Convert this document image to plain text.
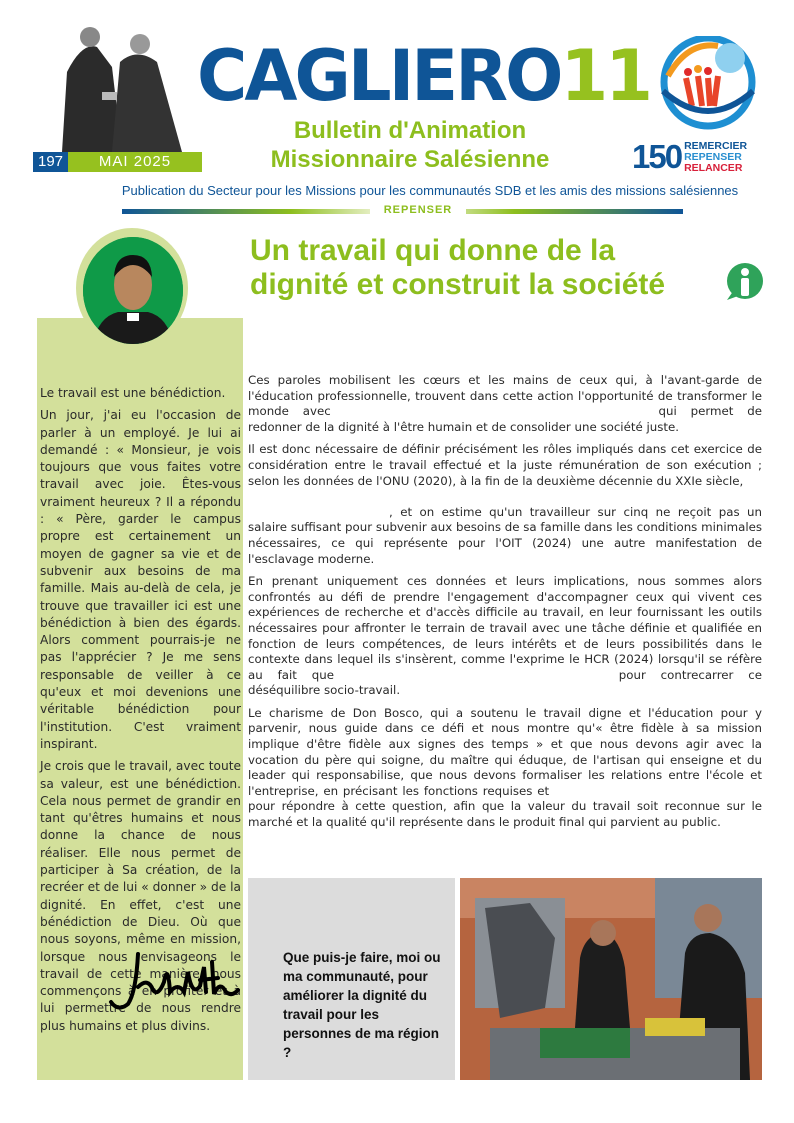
197	MAI 2025
CAGLIERO11
Bulletin d'Animation
Missionnaire Salésienne	150 REMERCIER
REPENSER
RELANCER
Publication du Secteur pour les Missions pour les communautés SDB et les amis des missions salésiennes
REPENSER

Le travail est une bénédiction.

Un jour, j'ai eu l'occasion de parler à un employé. Je lui ai demandé : « Monsieur, je vois toujours que vous faites votre travail avec joie. Êtes-vous vraiment heureux ? Il a répondu : « Père, garder le campus propre est certainement un moyen de gagner sa vie et de subvenir aux besoins de ma famille. Mais au-delà de cela, je trouve que travailler ici est une bénédiction à bien des égards. Alors comment pourrais-je ne pas l'apprécier ? Je me sens responsable de veiller à ce qu'eux et moi devenions une véritable bénédiction pour l'institution. C'est vraiment inspirant.

Je crois que le travail, avec toute sa valeur, est une bénédiction. Cela nous permet de grandir en tant qu'êtres humains et nous donne la chance de nous réaliser. Elle nous permet de participer à Sa création, de la recréer et de lui « donner » de la dignité. En effet, c'est une bénédiction de Dieu. Où que nous soyons, même en mission, lorsque nous envisageons le travail de cette manière, nous commençons à en profiter et à lui permettre de nous rendre plus humains et plus divins.

Un travail qui donne de la
dignité et construit la société

Ces paroles mobilisent les cœurs et les mains de ceux qui, à l'avant-garde de l'éducation professionnelle, trouvent dans cette action l'opportunité de transformer le monde avec	qui permet de redonner de la dignité à l'être humain et de consolider une société juste.

Il est donc nécessaire de définir précisément les rôles impliqués dans cet exercice de considération entre le travail effectué et la juste rémunération de son exécution ; selon les données de l'ONU (2020), à la fin de la deuxième décennie du XXIe siècle,
, et on estime qu'un travailleur sur cinq ne reçoit pas un salaire suffisant pour subvenir aux besoins de sa famille dans les conditions minimales nécessaires, ce qui représente pour l'OIT (2024) une autre manifestation de l'esclavage moderne.

En prenant uniquement ces données et leurs implications, nous sommes alors confrontés au défi de prendre l'engagement d'accompagner ceux qui vivent ces expériences de recherche et d'accès difficile au travail, en leur fournissant les outils nécessaires pour affronter le terrain de travail avec une tâche définie et qualifiée en fonction de leurs compétences, de leurs intérêts et de leurs possibilités dans le contexte dans lequel ils s'insèrent, comme l'exprime le HCR (2024) lorsqu'il se réfère au fait que	pour contrecarrer ce déséquilibre socio-travail.

Le charisme de Don Bosco, qui a soutenu le travail digne et l'éducation pour y parvenir, nous guide dans ce défi et nous montre qu'« être fidèle à sa mission implique d'être fidèle aux signes des temps » et que nous devons agir avec la vocation du père qui soigne, du maître qui éduque, de l'artisan qui enseigne et du leader qui responsabilise, que nous devons formaliser les relations entre l'école et l'entreprise, en précisant les fonctions requises et  pour répondre à cette question, afin que la valeur du travail soit reconnue sur le marché et la qualité qu'il représente dans le produit final qui parvient au public.

Que puis-je faire, moi ou ma communauté, pour améliorer la dignité du travail pour les personnes de ma région ?
